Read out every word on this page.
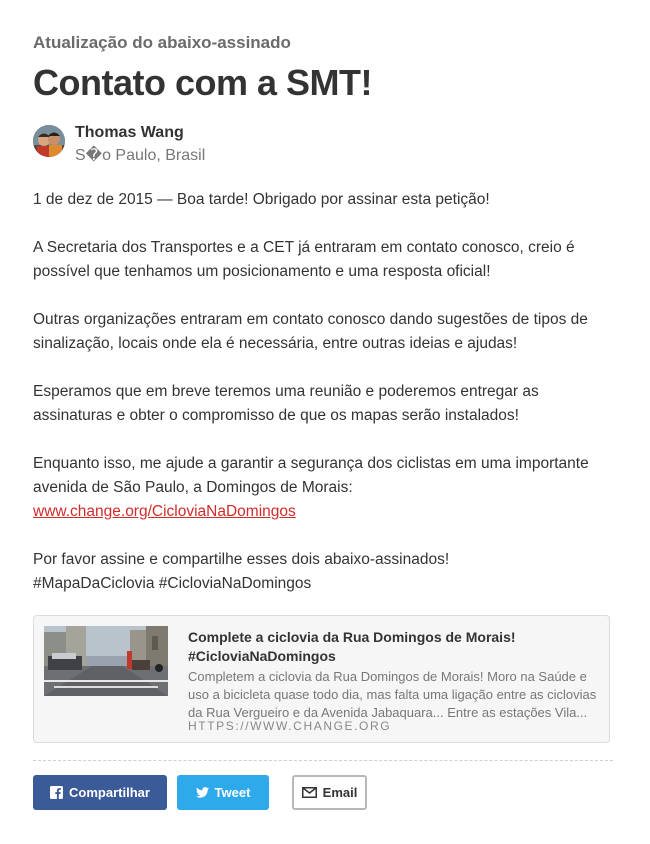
Atualização do abaixo-assinado
Contato com a SMT!
Thomas Wang
S�o Paulo, Brasil

1 de dez de 2015 — Boa tarde! Obrigado por assinar esta petição!

A Secretaria dos Transportes e a CET já entraram em contato conosco, creio é possível que tenhamos um posicionamento e uma resposta oficial!

Outras organizações entraram em contato conosco dando sugestões de tipos de sinalização, locais onde ela é necessária, entre outras ideias e ajudas!

Esperamos que em breve teremos uma reunião e poderemos entregar as assinaturas e obter o compromisso de que os mapas serão instalados!

Enquanto isso, me ajude a garantir a segurança dos ciclistas em uma importante avenida de São Paulo, a Domingos de Morais:
www.change.org/CicloviaNaDomingos

Por favor assine e compartilhe esses dois abaixo-assinados!
#MapaDaCiclovia #CicloviaNaDomingos

Complete a ciclovia da Rua Domingos de Morais! #CicloviaNaDomingos
Completem a ciclovia da Rua Domingos de Morais! Moro na Saúde e uso a bicicleta quase todo dia, mas falta uma ligação entre as ciclovias da Rua Vergueiro e da Avenida Jabaquara... Entre as estações Vila...
HTTPS://WWW.CHANGE.ORG
Compartilhar	Tweet	Email
